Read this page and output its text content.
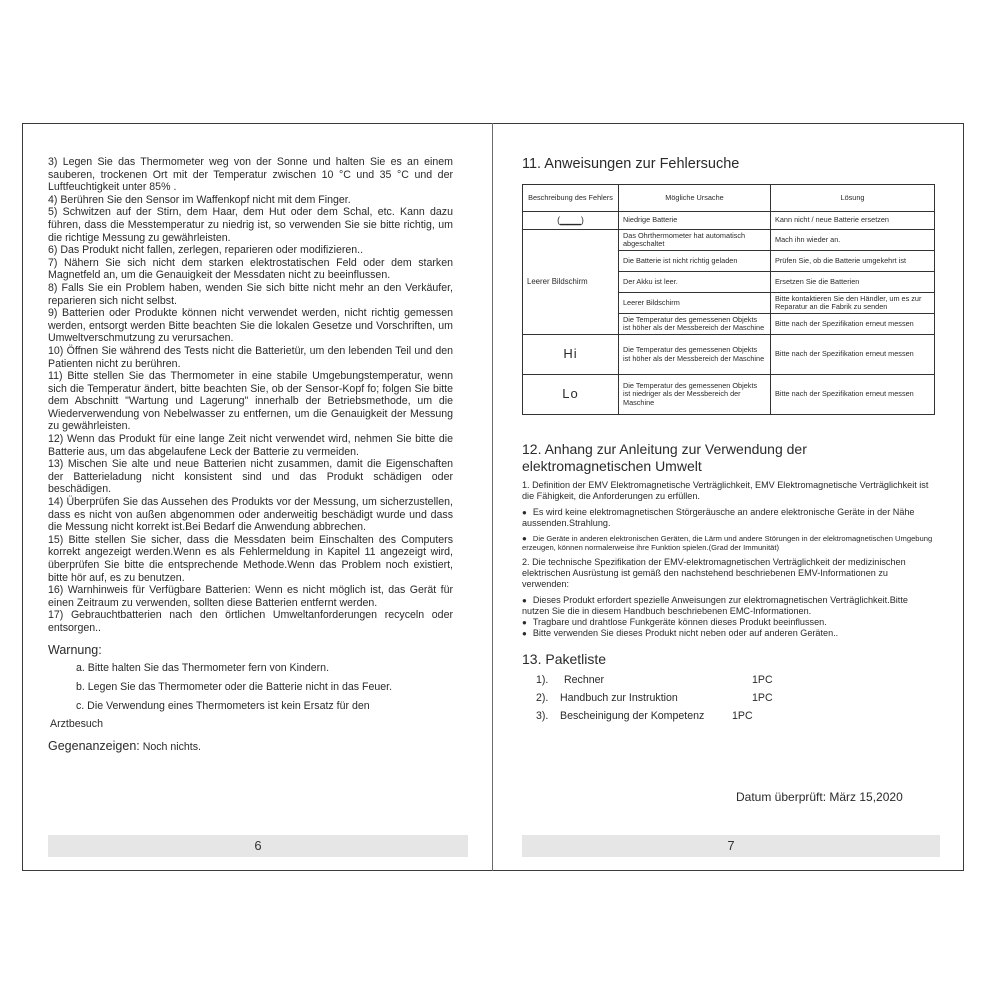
3) Legen Sie das Thermometer weg von der Sonne und halten Sie es an einem sauberen, trockenen Ort mit der Temperatur zwischen 10 °C und 35 °C und der Luftfeuchtigkeit unter 85% .

4) Berühren Sie den Sensor im Waffenkopf nicht mit dem Finger.

5) Schwitzen auf der Stirn, dem Haar, dem Hut oder dem Schal, etc. Kann dazu führen, dass die Messtemperatur zu niedrig ist, so verwenden Sie sie bitte richtig, um die richtige Messung zu gewährleisten.

6) Das Produkt nicht fallen, zerlegen, reparieren oder modifizieren..

7) Nähern Sie sich nicht dem starken elektrostatischen Feld oder dem starken Magnetfeld an, um die Genauigkeit der Messdaten nicht zu beeinflussen.

8) Falls Sie ein Problem haben, wenden Sie sich bitte nicht mehr an den Verkäufer, reparieren sich nicht selbst.

9) Batterien oder Produkte können nicht verwendet werden, nicht richtig gemessen werden, entsorgt werden Bitte beachten Sie die lokalen Gesetze und Vorschriften, um Umweltverschmutzung zu verursachen.

10) Öffnen Sie während des Tests nicht die Batterietür, um den lebenden Teil und den Patienten nicht zu berühren.

11) Bitte stellen Sie das Thermometer in eine stabile Umgebungstemperatur, wenn sich die Temperatur ändert, bitte beachten Sie, ob der Sensor-Kopf fo; folgen Sie bitte dem Abschnitt "Wartung und Lagerung" innerhalb der Betriebsmethode, um die Wiederverwendung von Nebelwasser zu entfernen, um die Genauigkeit der Messung zu gewährleisten.

12) Wenn das Produkt für eine lange Zeit nicht verwendet wird, nehmen Sie bitte die Batterie aus, um das abgelaufene Leck der Batterie zu vermeiden.

13) Mischen Sie alte und neue Batterien nicht zusammen, damit die Eigenschaften der Batterieladung nicht konsistent sind und das Produkt schädigen oder beschädigen.

14) Überprüfen Sie das Aussehen des Produkts vor der Messung, um sicherzustellen, dass es nicht von außen abgenommen oder anderweitig beschädigt wurde und dass die Messung nicht korrekt ist.Bei Bedarf die Anwendung abbrechen.

15) Bitte stellen Sie sicher, dass die Messdaten beim Einschalten des Computers korrekt angezeigt werden.Wenn es als Fehlermeldung in Kapitel 11 angezeigt wird, überprüfen Sie bitte die entsprechende Methode.Wenn das Problem noch existiert, bitte hör auf, es zu benutzen.

16) Warnhinweis für Verfügbare Batterien: Wenn es nicht möglich ist, das Gerät für einen Zeitraum zu verwenden, sollten diese Batterien entfernt werden.

17) Gebrauchtbatterien nach den örtlichen Umweltanforderungen recyceln oder entsorgen..

Warnung:
a. Bitte halten Sie das Thermometer fern von Kindern.
b. Legen Sie das Thermometer oder die Batterie nicht in das Feuer.
c. Die Verwendung eines Thermometers ist kein Ersatz für den
Arztbesuch
Gegenanzeigen: Noch nichts.
6
11. Anweisungen zur Fehlersuche
Beschreibung des Fehlers	Mögliche Ursache	Lösung
(▁▁▁)	Niedrige Batterie	Kann nicht / neue Batterie ersetzen
Leerer Bildschirm	Das Ohrthermometer hat automatisch abgeschaltet	Mach ihn wieder an.
	Die Batterie ist nicht richtig geladen	Prüfen Sie, ob die Batterie umgekehrt ist
	Der Akku ist leer.	Ersetzen Sie die Batterien
	Leerer Bildschirm	Bitte kontaktieren Sie den Händler, um es zur Reparatur an die Fabrik zu senden
	Die Temperatur des gemessenen Objekts ist höher als der Messbereich der Maschine	Bitte nach der Spezifikation erneut messen
Hi	Die Temperatur des gemessenen Objekts ist höher als der Messbereich der Maschine	Bitte nach der Spezifikation erneut messen
Lo	Die Temperatur des gemessenen Objekts ist niedriger als der Messbereich der Maschine	Bitte nach der Spezifikation erneut messen
12. Anhang zur Anleitung zur Verwendung der elektromagnetischen Umwelt

1. Definition der EMV Elektromagnetische Verträglichkeit, EMV Elektromagnetische Verträglichkeit ist die Fähigkeit, die Anforderungen zu erfüllen.

● Es wird keine elektromagnetischen Störgeräusche an andere elektronische Geräte in der Nähe aussenden.Strahlung.

● Die Geräte in anderen elektronischen Geräten, die Lärm und andere Störungen in der elektromagnetischen Umgebung erzeugen, können normalerweise ihre Funktion spielen.(Grad der Immunität)

2. Die technische Spezifikation der EMV-elektromagnetischen Verträglichkeit der medizinischen elektrischen Ausrüstung ist gemäß den nachstehend beschriebenen EMV-Informationen zu verwenden:

● Dieses Produkt erfordert spezielle Anweisungen zur elektromagnetischen Verträglichkeit.Bitte nutzen Sie die in diesem Handbuch beschriebenen EMC-Informationen.

● Tragbare und drahtlose Funkgeräte können dieses Produkt beeinflussen.

● Bitte verwenden Sie dieses Produkt nicht neben oder auf anderen Geräten..

13. Paketliste
1).	Rechner	1PC
2).	Handbuch zur Instruktion	1PC
3).	Bescheinigung der Kompetenz	1PC
Datum überprüft: März 15,2020
7
